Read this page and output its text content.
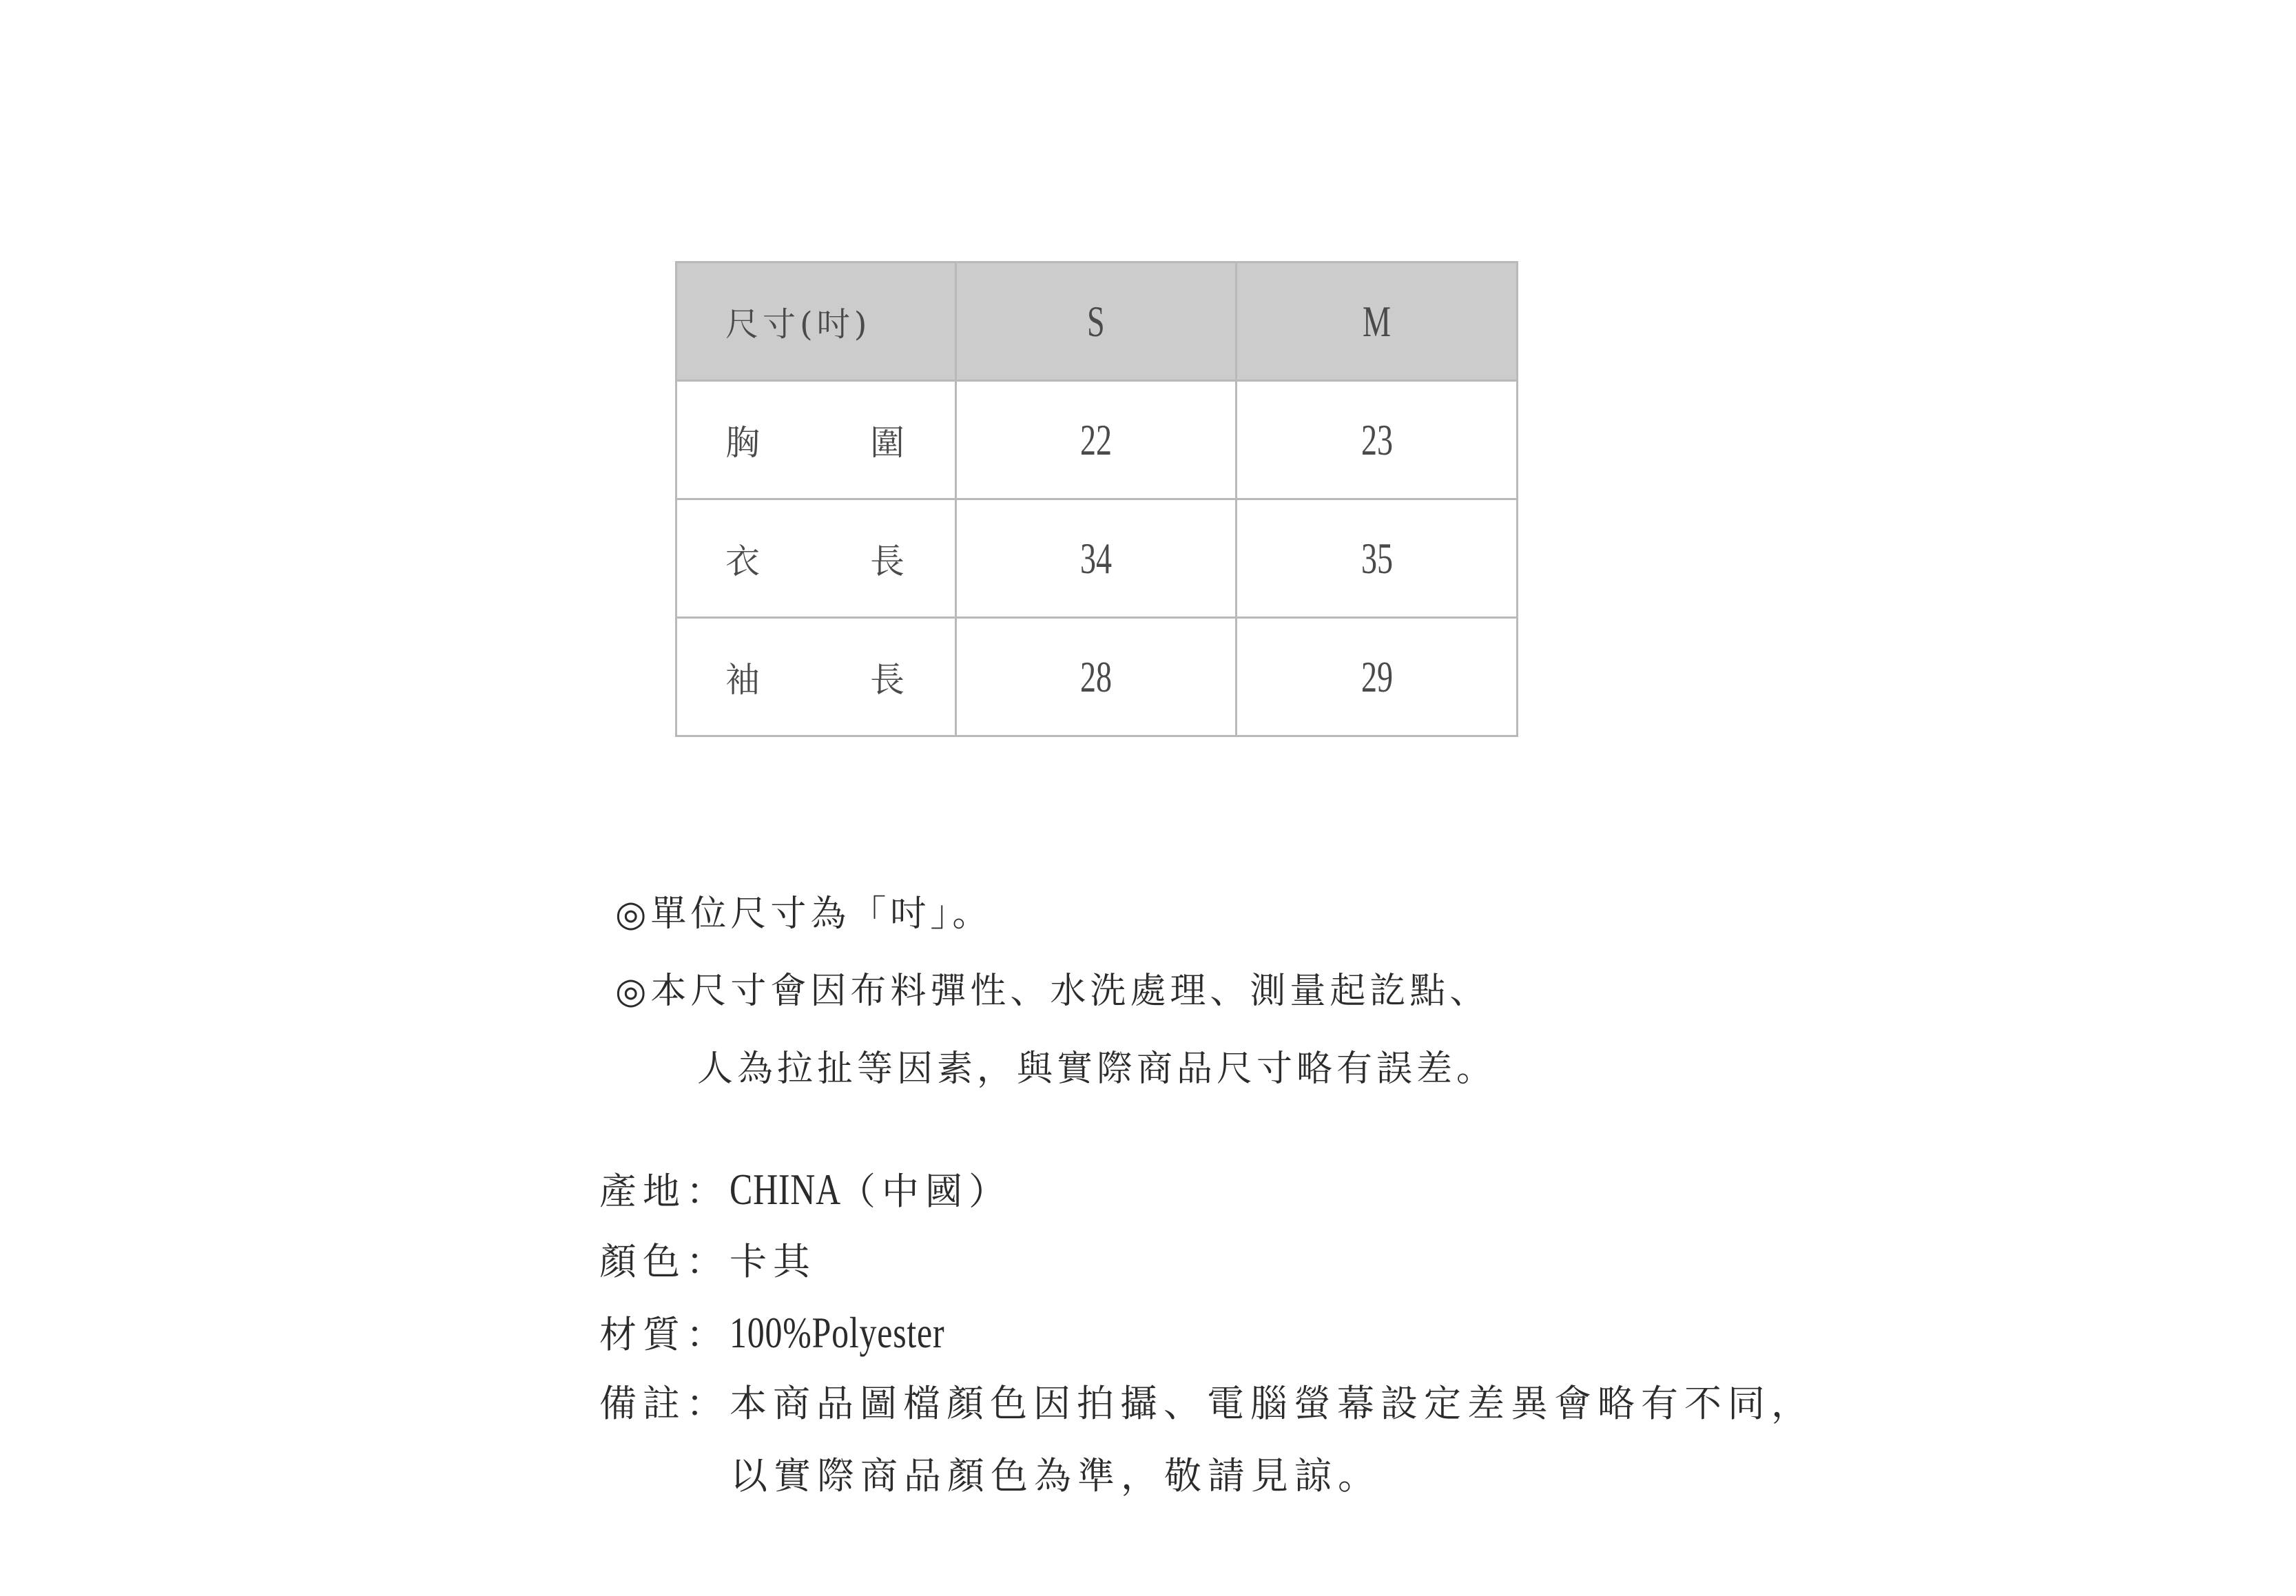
尺寸(吋)	S	M

胸 圍	22	23

衣 長	34	35

袖 長	28	29
◎單位尺寸為「吋」。
◎本尺寸會因布料彈性、水洗處理、測量起訖點、
人為拉扯等因素，與實際商品尺寸略有誤差。
產地：CHINA（中國）
顏色：卡其
材質：100%Polyester
備註：本商品圖檔顏色因拍攝、電腦螢幕設定差異會略有不同，
以實際商品顏色為準，敬請見諒。
